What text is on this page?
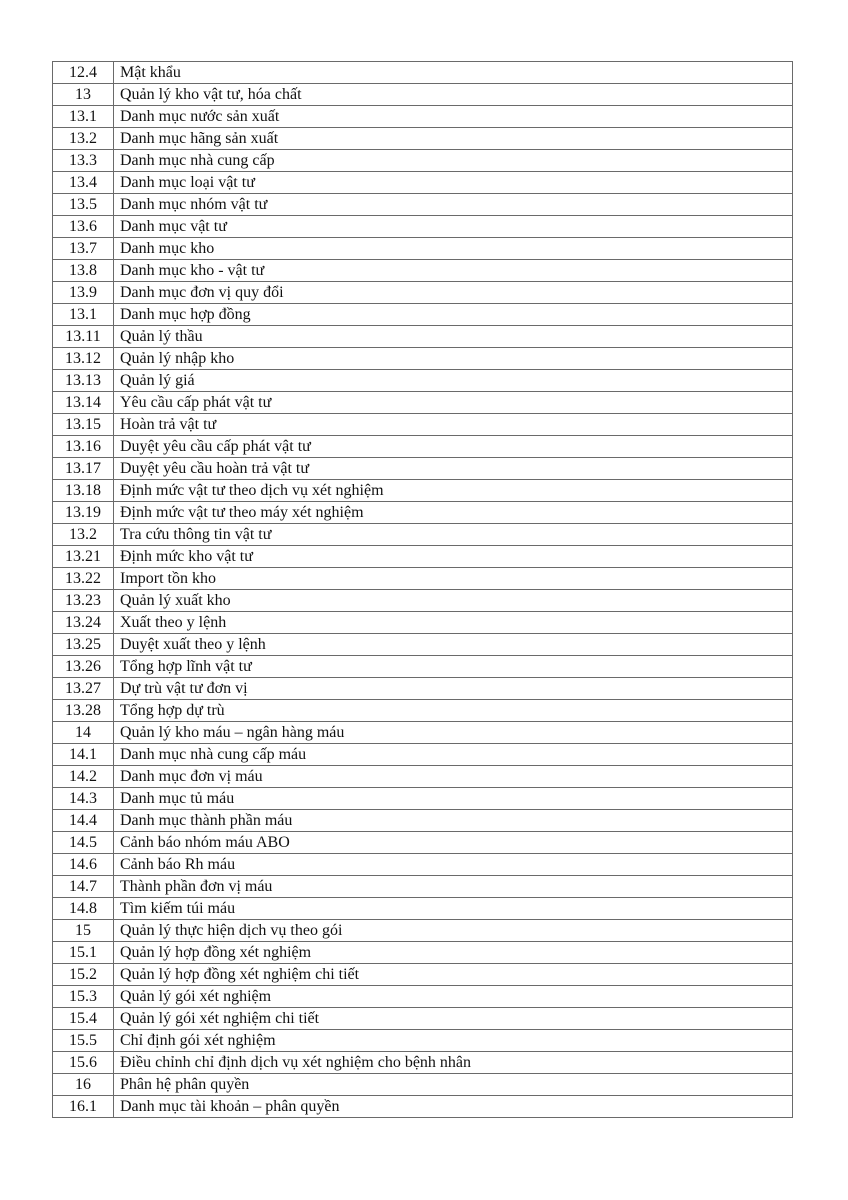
12.4	Mật khẩu
13	Quản lý kho vật tư, hóa chất
13.1	Danh mục nước sản xuất
13.2	Danh mục hãng sản xuất
13.3	Danh mục nhà cung cấp
13.4	Danh mục loại vật tư
13.5	Danh mục nhóm vật tư
13.6	Danh mục vật tư
13.7	Danh mục kho
13.8	Danh mục kho - vật tư
13.9	Danh mục đơn vị quy đổi
13.1	Danh mục hợp đồng
13.11	Quản lý thầu
13.12	Quản lý nhập kho
13.13	Quản lý giá
13.14	Yêu cầu cấp phát vật tư
13.15	Hoàn trả vật tư
13.16	Duyệt yêu cầu cấp phát vật tư
13.17	Duyệt yêu cầu hoàn trả vật tư
13.18	Định mức vật tư theo dịch vụ xét nghiệm
13.19	Định mức vật tư theo máy xét nghiệm
13.2	Tra cứu thông tin vật tư
13.21	Định mức kho vật tư
13.22	Import tồn kho
13.23	Quản lý xuất kho
13.24	Xuất theo y lệnh
13.25	Duyệt xuất theo y lệnh
13.26	Tổng hợp lĩnh vật tư
13.27	Dự trù vật tư đơn vị
13.28	Tổng hợp dự trù
14	Quản lý kho máu – ngân hàng máu
14.1	Danh mục nhà cung cấp máu
14.2	Danh mục đơn vị máu
14.3	Danh mục tủ máu
14.4	Danh mục thành phần máu
14.5	Cảnh báo nhóm máu ABO
14.6	Cảnh báo Rh máu
14.7	Thành phần đơn vị máu
14.8	Tìm kiếm túi máu
15	Quản lý thực hiện dịch vụ theo gói
15.1	Quản lý hợp đồng xét nghiệm
15.2	Quản lý hợp đồng xét nghiệm chi tiết
15.3	Quản lý gói xét nghiệm
15.4	Quản lý gói xét nghiệm chi tiết
15.5	Chỉ định gói xét nghiệm
15.6	Điều chỉnh chỉ định dịch vụ xét nghiệm cho bệnh nhân
16	Phân hệ phân quyền
16.1	Danh mục tài khoản – phân quyền
